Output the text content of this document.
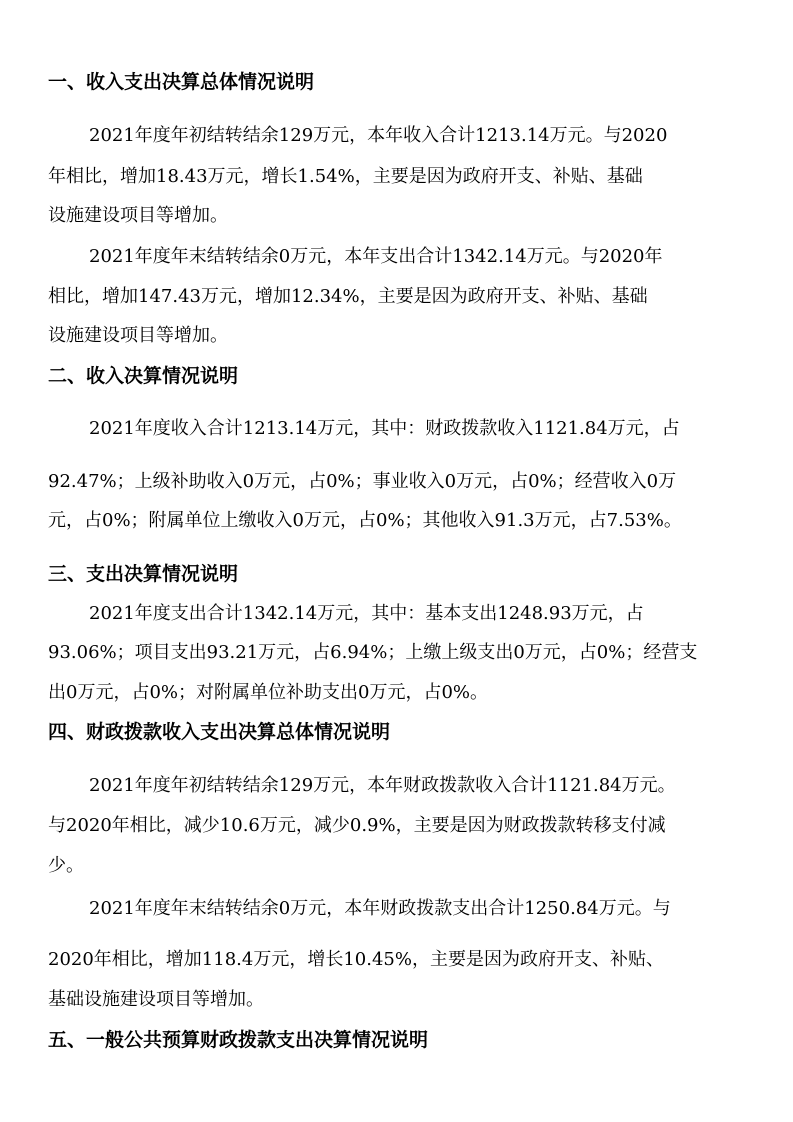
一、收入支出决算总体情况说明
2021年度年初结转结余129万元，本年收入合计1213.14万元。与2020
年相比，增加18.43万元，增长1.54%，主要是因为政府开支、补贴、基础
设施建设项目等增加。
2021年度年末结转结余0万元，本年支出合计1342.14万元。与2020年
相比，增加147.43万元，增加12.34%，主要是因为政府开支、补贴、基础
设施建设项目等增加。
二、收入决算情况说明
2021年度收入合计1213.14万元，其中：财政拨款收入1121.84万元，占
92.47%；上级补助收入0万元，占0%；事业收入0万元，占0%；经营收入0万
元，占0%；附属单位上缴收入0万元，占0%；其他收入91.3万元，占7.53%。
三、支出决算情况说明
2021年度支出合计1342.14万元，其中：基本支出1248.93万元，占
93.06%；项目支出93.21万元，占6.94%；上缴上级支出0万元，占0%；经营支
出0万元，占0%；对附属单位补助支出0万元，占0%。
四、财政拨款收入支出决算总体情况说明
2021年度年初结转结余129万元，本年财政拨款收入合计1121.84万元。
与2020年相比，减少10.6万元，减少0.9%，主要是因为财政拨款转移支付减
少。
2021年度年末结转结余0万元，本年财政拨款支出合计1250.84万元。与
2020年相比，增加118.4万元，增长10.45%，主要是因为政府开支、补贴、
基础设施建设项目等增加。
五、一般公共预算财政拨款支出决算情况说明
